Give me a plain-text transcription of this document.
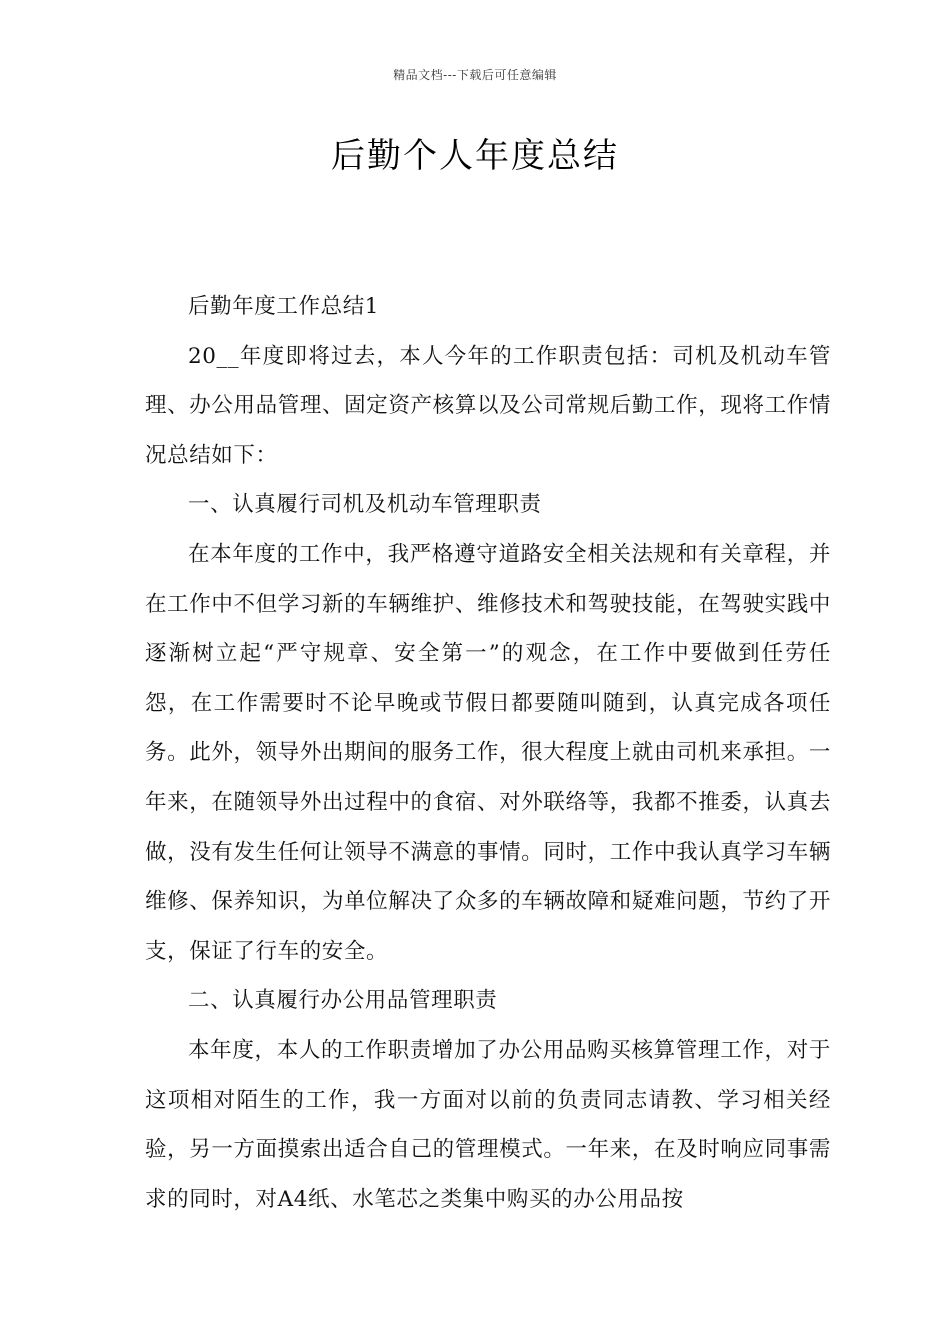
精品文档---下载后可任意编辑
后勤个人年度总结

后勤年度工作总结1

20__年度即将过去，本人今年的工作职责包括：司机及机动车管理、办公用品管理、固定资产核算以及公司常规后勤工作，现将工作情况总结如下：

一、认真履行司机及机动车管理职责

在本年度的工作中，我严格遵守道路安全相关法规和有关章程，并在工作中不但学习新的车辆维护、维修技术和驾驶技能，在驾驶实践中逐渐树立起“严守规章、安全第一”的观念，在工作中要做到任劳任怨，在工作需要时不论早晚或节假日都要随叫随到，认真完成各项任务。此外，领导外出期间的服务工作，很大程度上就由司机来承担。一年来，在随领导外出过程中的食宿、对外联络等，我都不推委，认真去做，没有发生任何让领导不满意的事情。同时，工作中我认真学习车辆维修、保养知识，为单位解决了众多的车辆故障和疑难问题，节约了开支，保证了行车的安全。

二、认真履行办公用品管理职责

本年度，本人的工作职责增加了办公用品购买核算管理工作，对于这项相对陌生的工作，我一方面对以前的负责同志请教、学习相关经验，另一方面摸索出适合自己的管理模式。一年来，在及时响应同事需求的同时，对A4纸、水笔芯之类集中购买的办公用品按
